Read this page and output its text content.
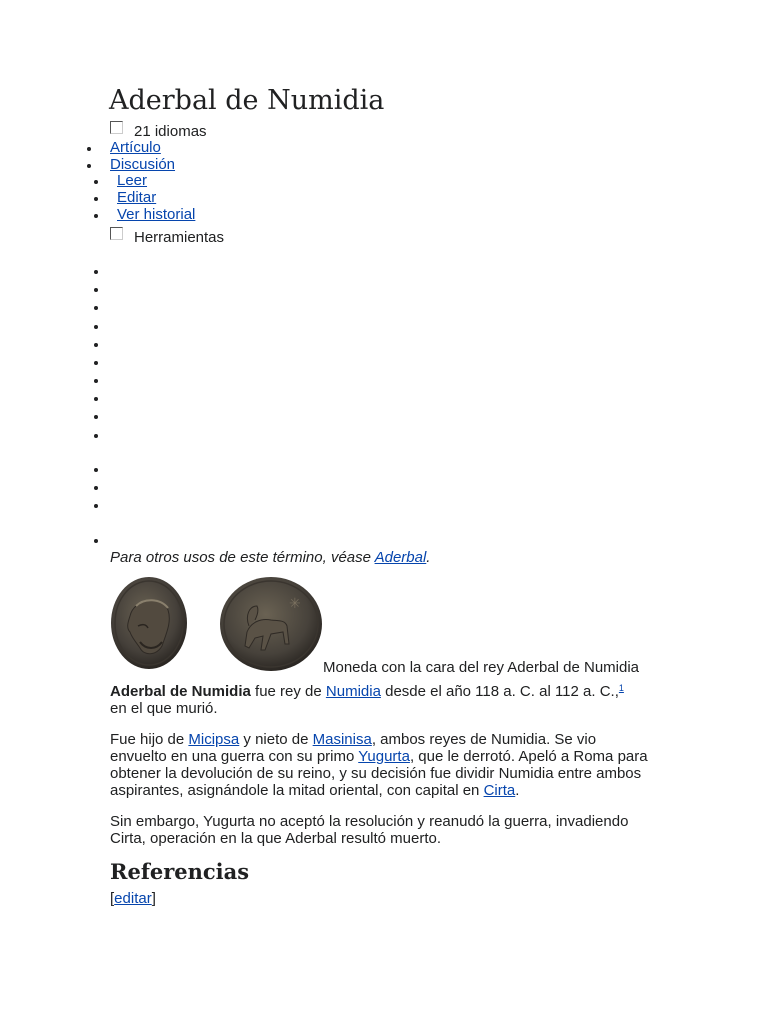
Aderbal de Numidia
21 idiomas
Artículo
Discusión
Leer
Editar
Ver historial
Herramientas
Para otros usos de este término, véase Aderbal.
✳
Moneda con la cara del rey Aderbal de Numidia
Aderbal de Numidia fue rey de Numidia desde el año 118 a. C. al 112 a. C.,$^1$
en el que murió.
Fue hijo de Micipsa y nieto de Masinisa, ambos reyes de Numidia. Se vio envuelto en una guerra con su primo Yugurta, que le derrotó. Apeló a Roma para obtener la devolución de su reino, y su decisión fue dividir Numidia entre ambos aspirantes, asignándole la mitad oriental, con capital en Cirta.
Sin embargo, Yugurta no aceptó la resolución y reanudó la guerra, invadiendo Cirta, operación en la que Aderbal resultó muerto.
Referencias
[editar]
